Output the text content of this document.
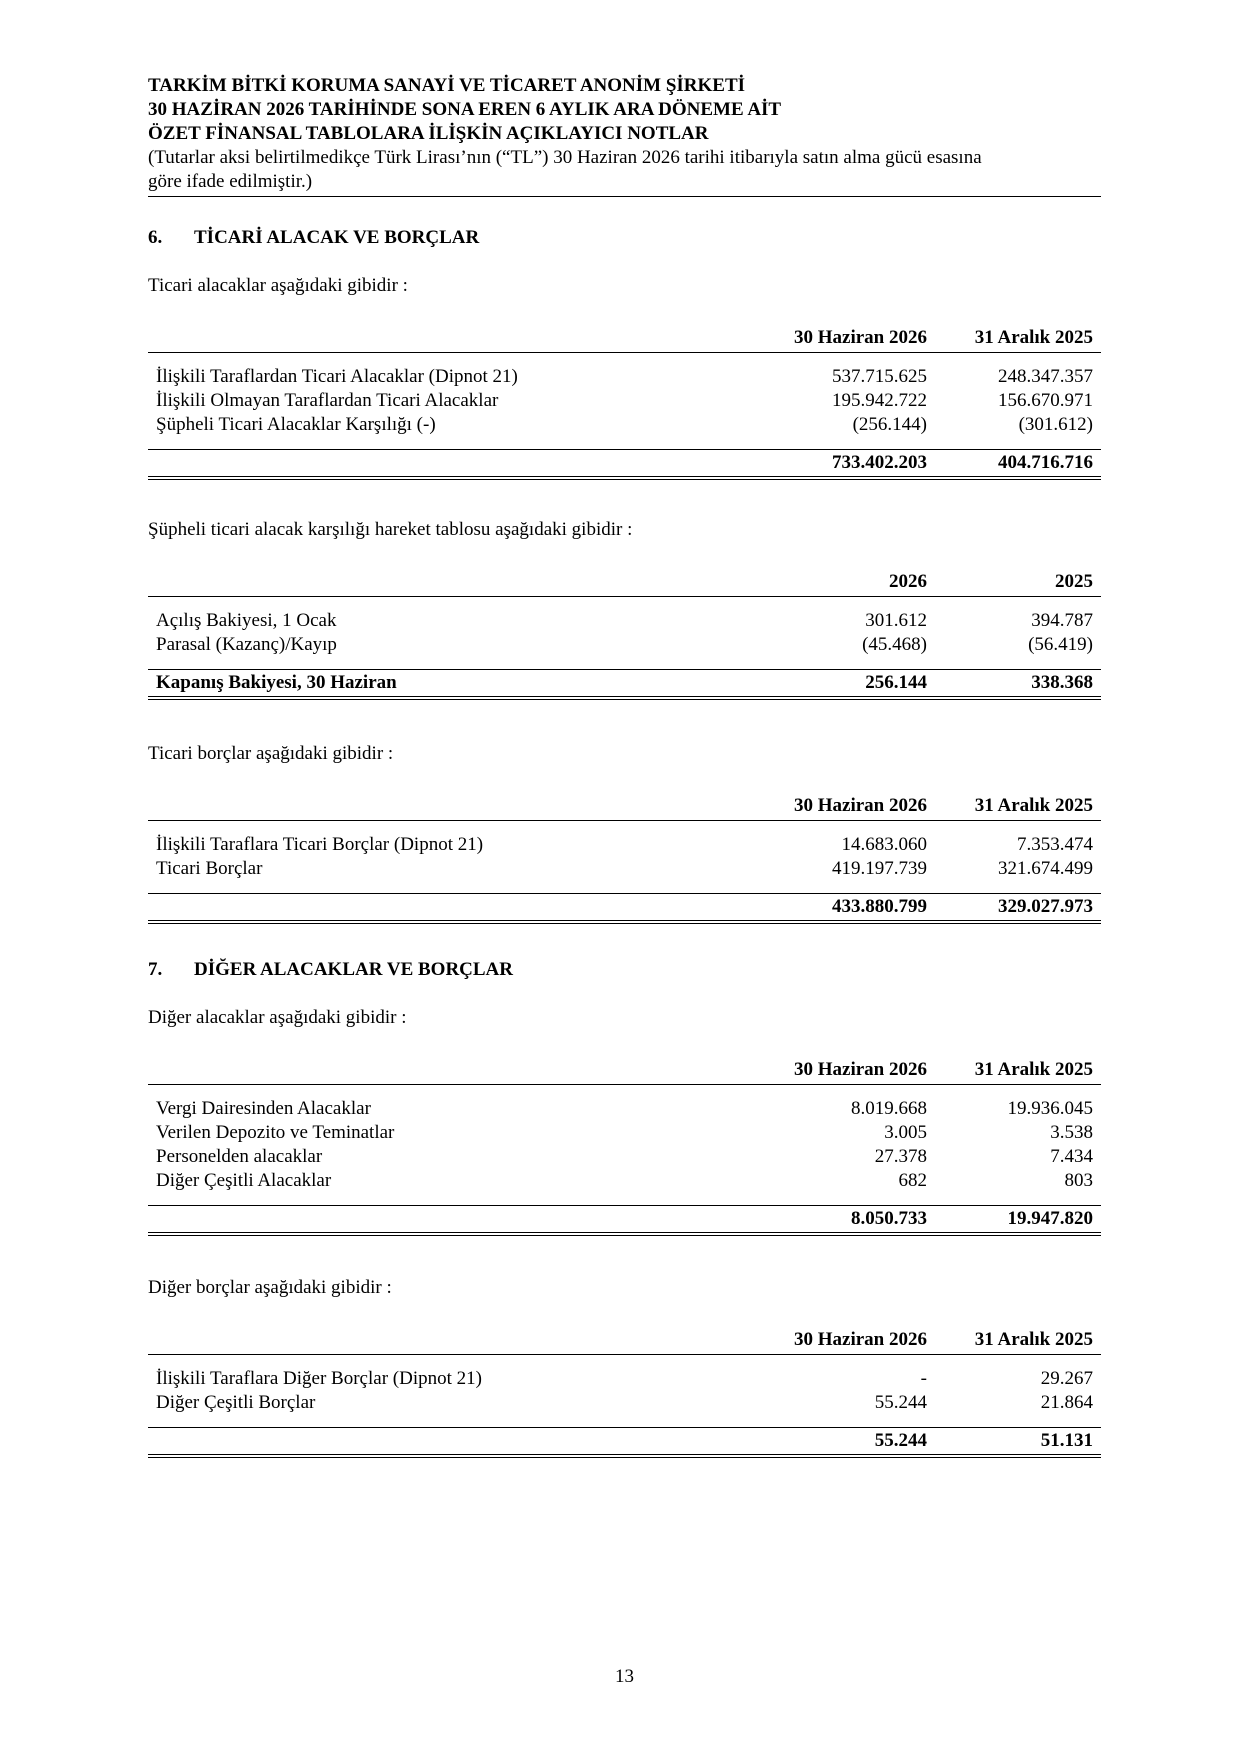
TARKİM BİTKİ KORUMA SANAYİ VE TİCARET ANONİM ŞİRKETİ
30 HAZİRAN 2026 TARİHİNDE SONA EREN 6 AYLIK ARA DÖNEME AİT
ÖZET FİNANSAL TABLOLARA İLİŞKİN AÇIKLAYICI NOTLAR
(Tutarlar aksi belirtilmedikçe Türk Lirası’nın (“TL”) 30 Haziran 2026 tarihi itibarıyla satın alma gücü esasına
göre ifade edilmiştir.)
6. TİCARİ ALACAK VE BORÇLAR
Ticari alacaklar aşağıdaki gibidir :
30 Haziran 2026	31 Aralık 2025
İlişkili Taraflardan Ticari Alacaklar (Dipnot 21)	537.715.625	248.347.357
İlişkili Olmayan Taraflardan Ticari Alacaklar	195.942.722	156.670.971
Şüpheli Ticari Alacaklar Karşılığı (-)	(256.144)	(301.612)
733.402.203	404.716.716
Şüpheli ticari alacak karşılığı hareket tablosu aşağıdaki gibidir :
2026	2025
Açılış Bakiyesi, 1 Ocak	301.612	394.787
Parasal (Kazanç)/Kayıp	(45.468)	(56.419)
Kapanış Bakiyesi, 30 Haziran	256.144	338.368
Ticari borçlar aşağıdaki gibidir :
30 Haziran 2026	31 Aralık 2025
İlişkili Taraflara Ticari Borçlar (Dipnot 21)	14.683.060	7.353.474
Ticari Borçlar	419.197.739	321.674.499
433.880.799	329.027.973
7. DİĞER ALACAKLAR VE BORÇLAR
Diğer alacaklar aşağıdaki gibidir :
30 Haziran 2026	31 Aralık 2025
Vergi Dairesinden Alacaklar	8.019.668	19.936.045
Verilen Depozito ve Teminatlar	3.005	3.538
Personelden alacaklar	27.378	7.434
Diğer Çeşitli Alacaklar	682	803
8.050.733	19.947.820
Diğer borçlar aşağıdaki gibidir :
30 Haziran 2026	31 Aralık 2025
İlişkili Taraflara Diğer Borçlar (Dipnot 21)	-	29.267
Diğer Çeşitli Borçlar	55.244	21.864
55.244	51.131
13
